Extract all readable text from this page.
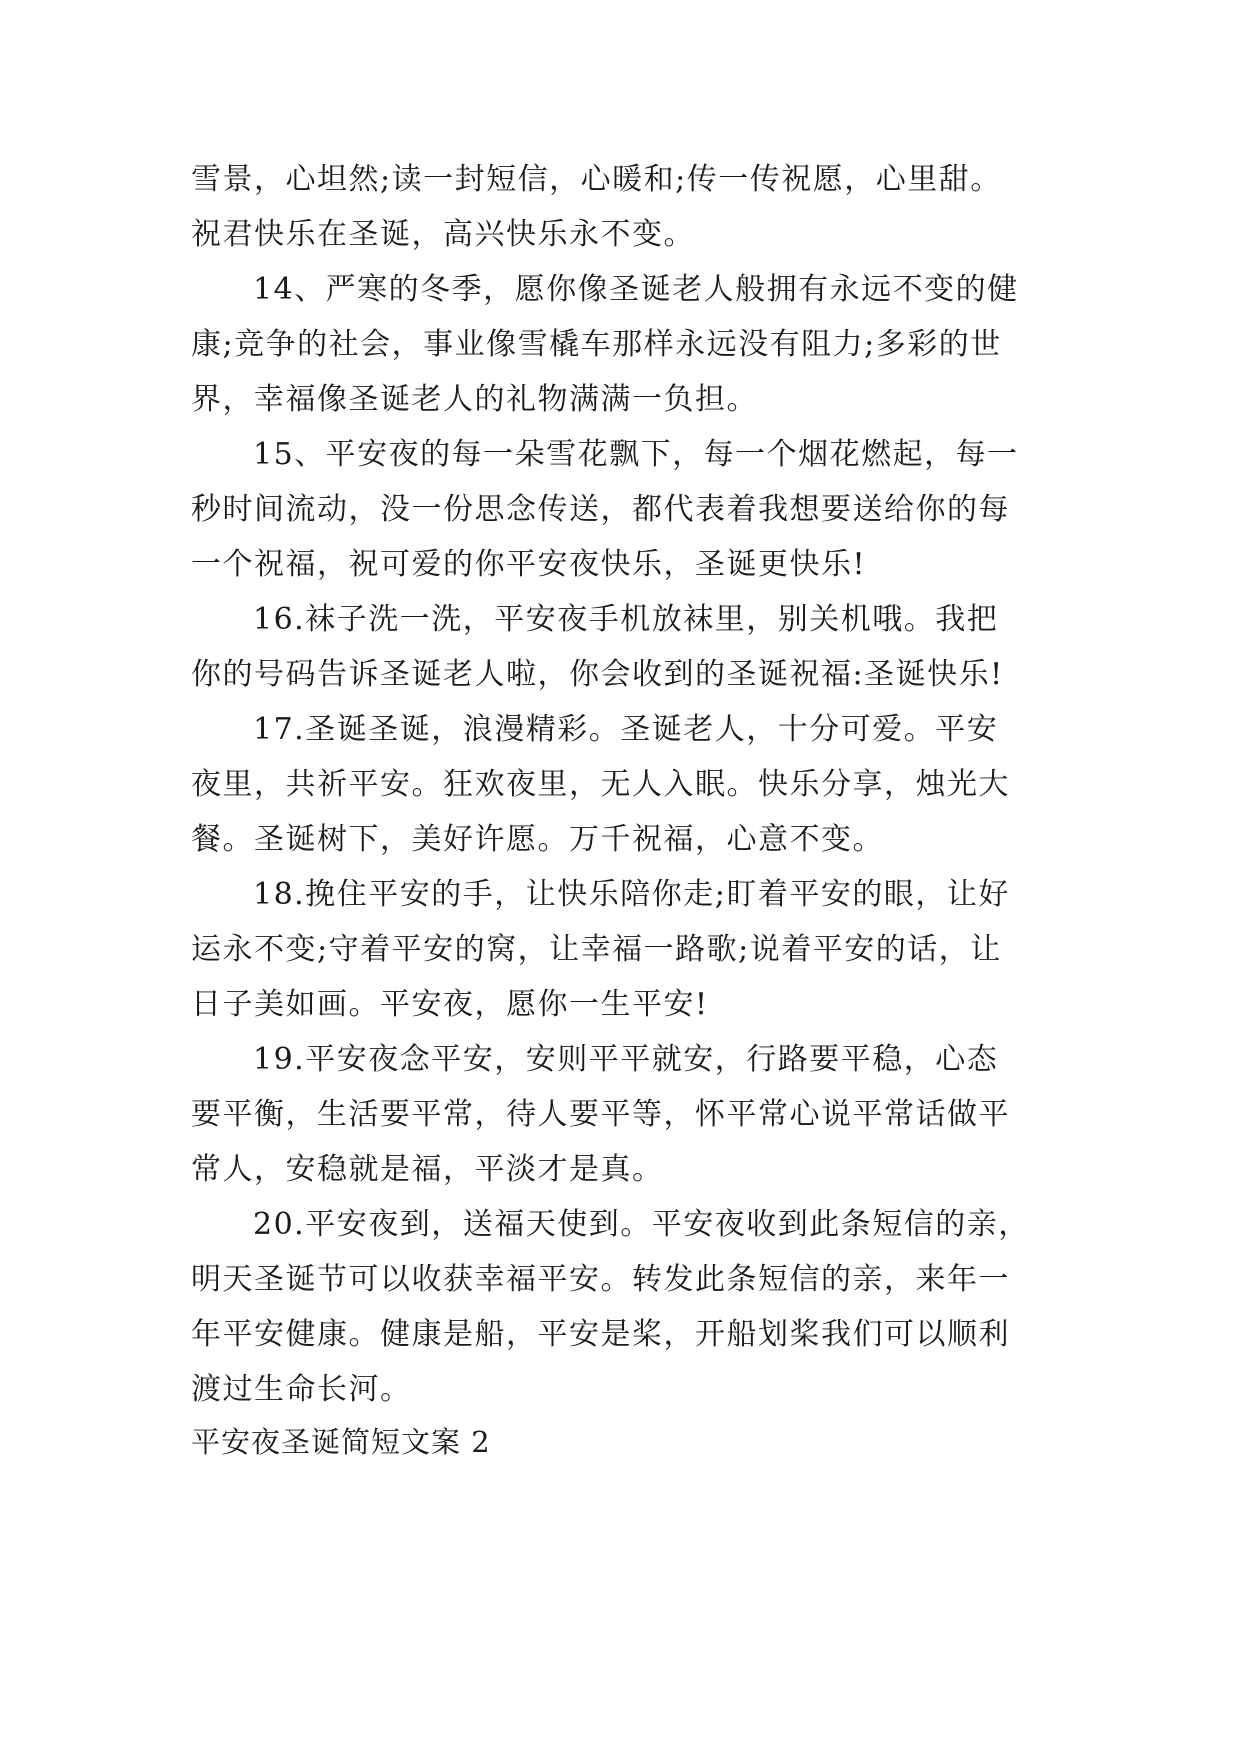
雪景，心坦然;读一封短信，心暖和;传一传祝愿，心里甜。
祝君快乐在圣诞，高兴快乐永不变。
14、严寒的冬季，愿你像圣诞老人般拥有永远不变的健
康;竞争的社会，事业像雪橇车那样永远没有阻力;多彩的世
界，幸福像圣诞老人的礼物满满一负担。
15、平安夜的每一朵雪花飘下，每一个烟花燃起，每一
秒时间流动，没一份思念传送，都代表着我想要送给你的每
一个祝福，祝可爱的你平安夜快乐，圣诞更快乐!
16.袜子洗一洗，平安夜手机放袜里，别关机哦。我把
你的号码告诉圣诞老人啦，你会收到的圣诞祝福:圣诞快乐!
17.圣诞圣诞，浪漫精彩。圣诞老人，十分可爱。平安
夜里，共祈平安。狂欢夜里，无人入眠。快乐分享，烛光大
餐。圣诞树下，美好许愿。万千祝福，心意不变。
18.挽住平安的手，让快乐陪你走;盯着平安的眼，让好
运永不变;守着平安的窝，让幸福一路歌;说着平安的话，让
日子美如画。平安夜，愿你一生平安!
19.平安夜念平安，安则平平就安，行路要平稳，心态
要平衡，生活要平常，待人要平等，怀平常心说平常话做平
常人，安稳就是福，平淡才是真。
20.平安夜到，送福天使到。平安夜收到此条短信的亲，
明天圣诞节可以收获幸福平安。转发此条短信的亲，来年一
年平安健康。健康是船，平安是桨，开船划桨我们可以顺利
渡过生命长河。
平安夜圣诞简短文案 2
